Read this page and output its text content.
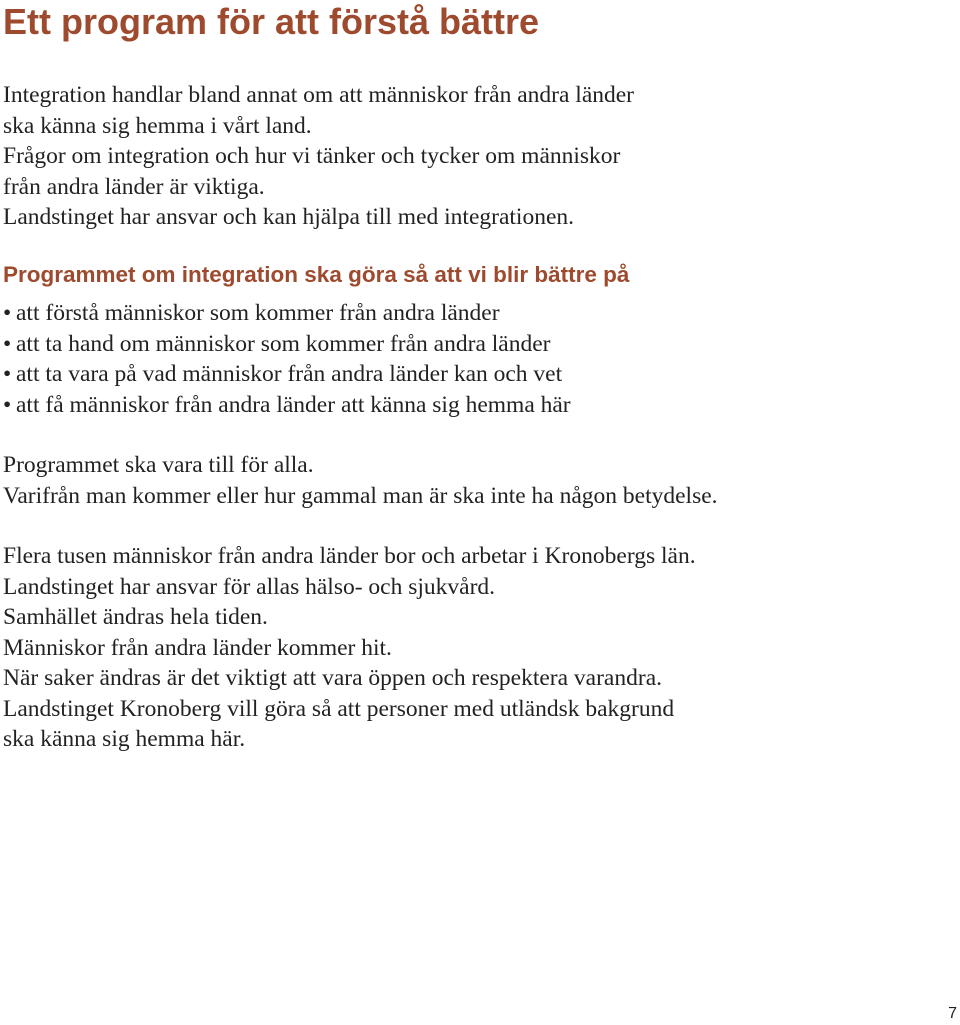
Ett program för att förstå bättre
Integration handlar bland annat om att människor från andra länder
ska känna sig hemma i vårt land.
Frågor om integration och hur vi tänker och tycker om människor
från andra länder är viktiga.
Landstinget har ansvar och kan hjälpa till med integrationen.
Programmet om integration ska göra så att vi blir bättre på
• att förstå människor som kommer från andra länder
• att ta hand om människor som kommer från andra länder
• att ta vara på vad människor från andra länder kan och vet
• att få människor från andra länder att känna sig hemma här
Programmet ska vara till för alla.
Varifrån man kommer eller hur gammal man är ska inte ha någon betydelse.
Flera tusen människor från andra länder bor och arbetar i Kronobergs län.
Landstinget har ansvar för allas hälso- och sjukvård.
Samhället ändras hela tiden.
Människor från andra länder kommer hit.
När saker ändras är det viktigt att vara öppen och respektera varandra.
Landstinget Kronoberg vill göra så att personer med utländsk bakgrund
ska känna sig hemma här.
7
